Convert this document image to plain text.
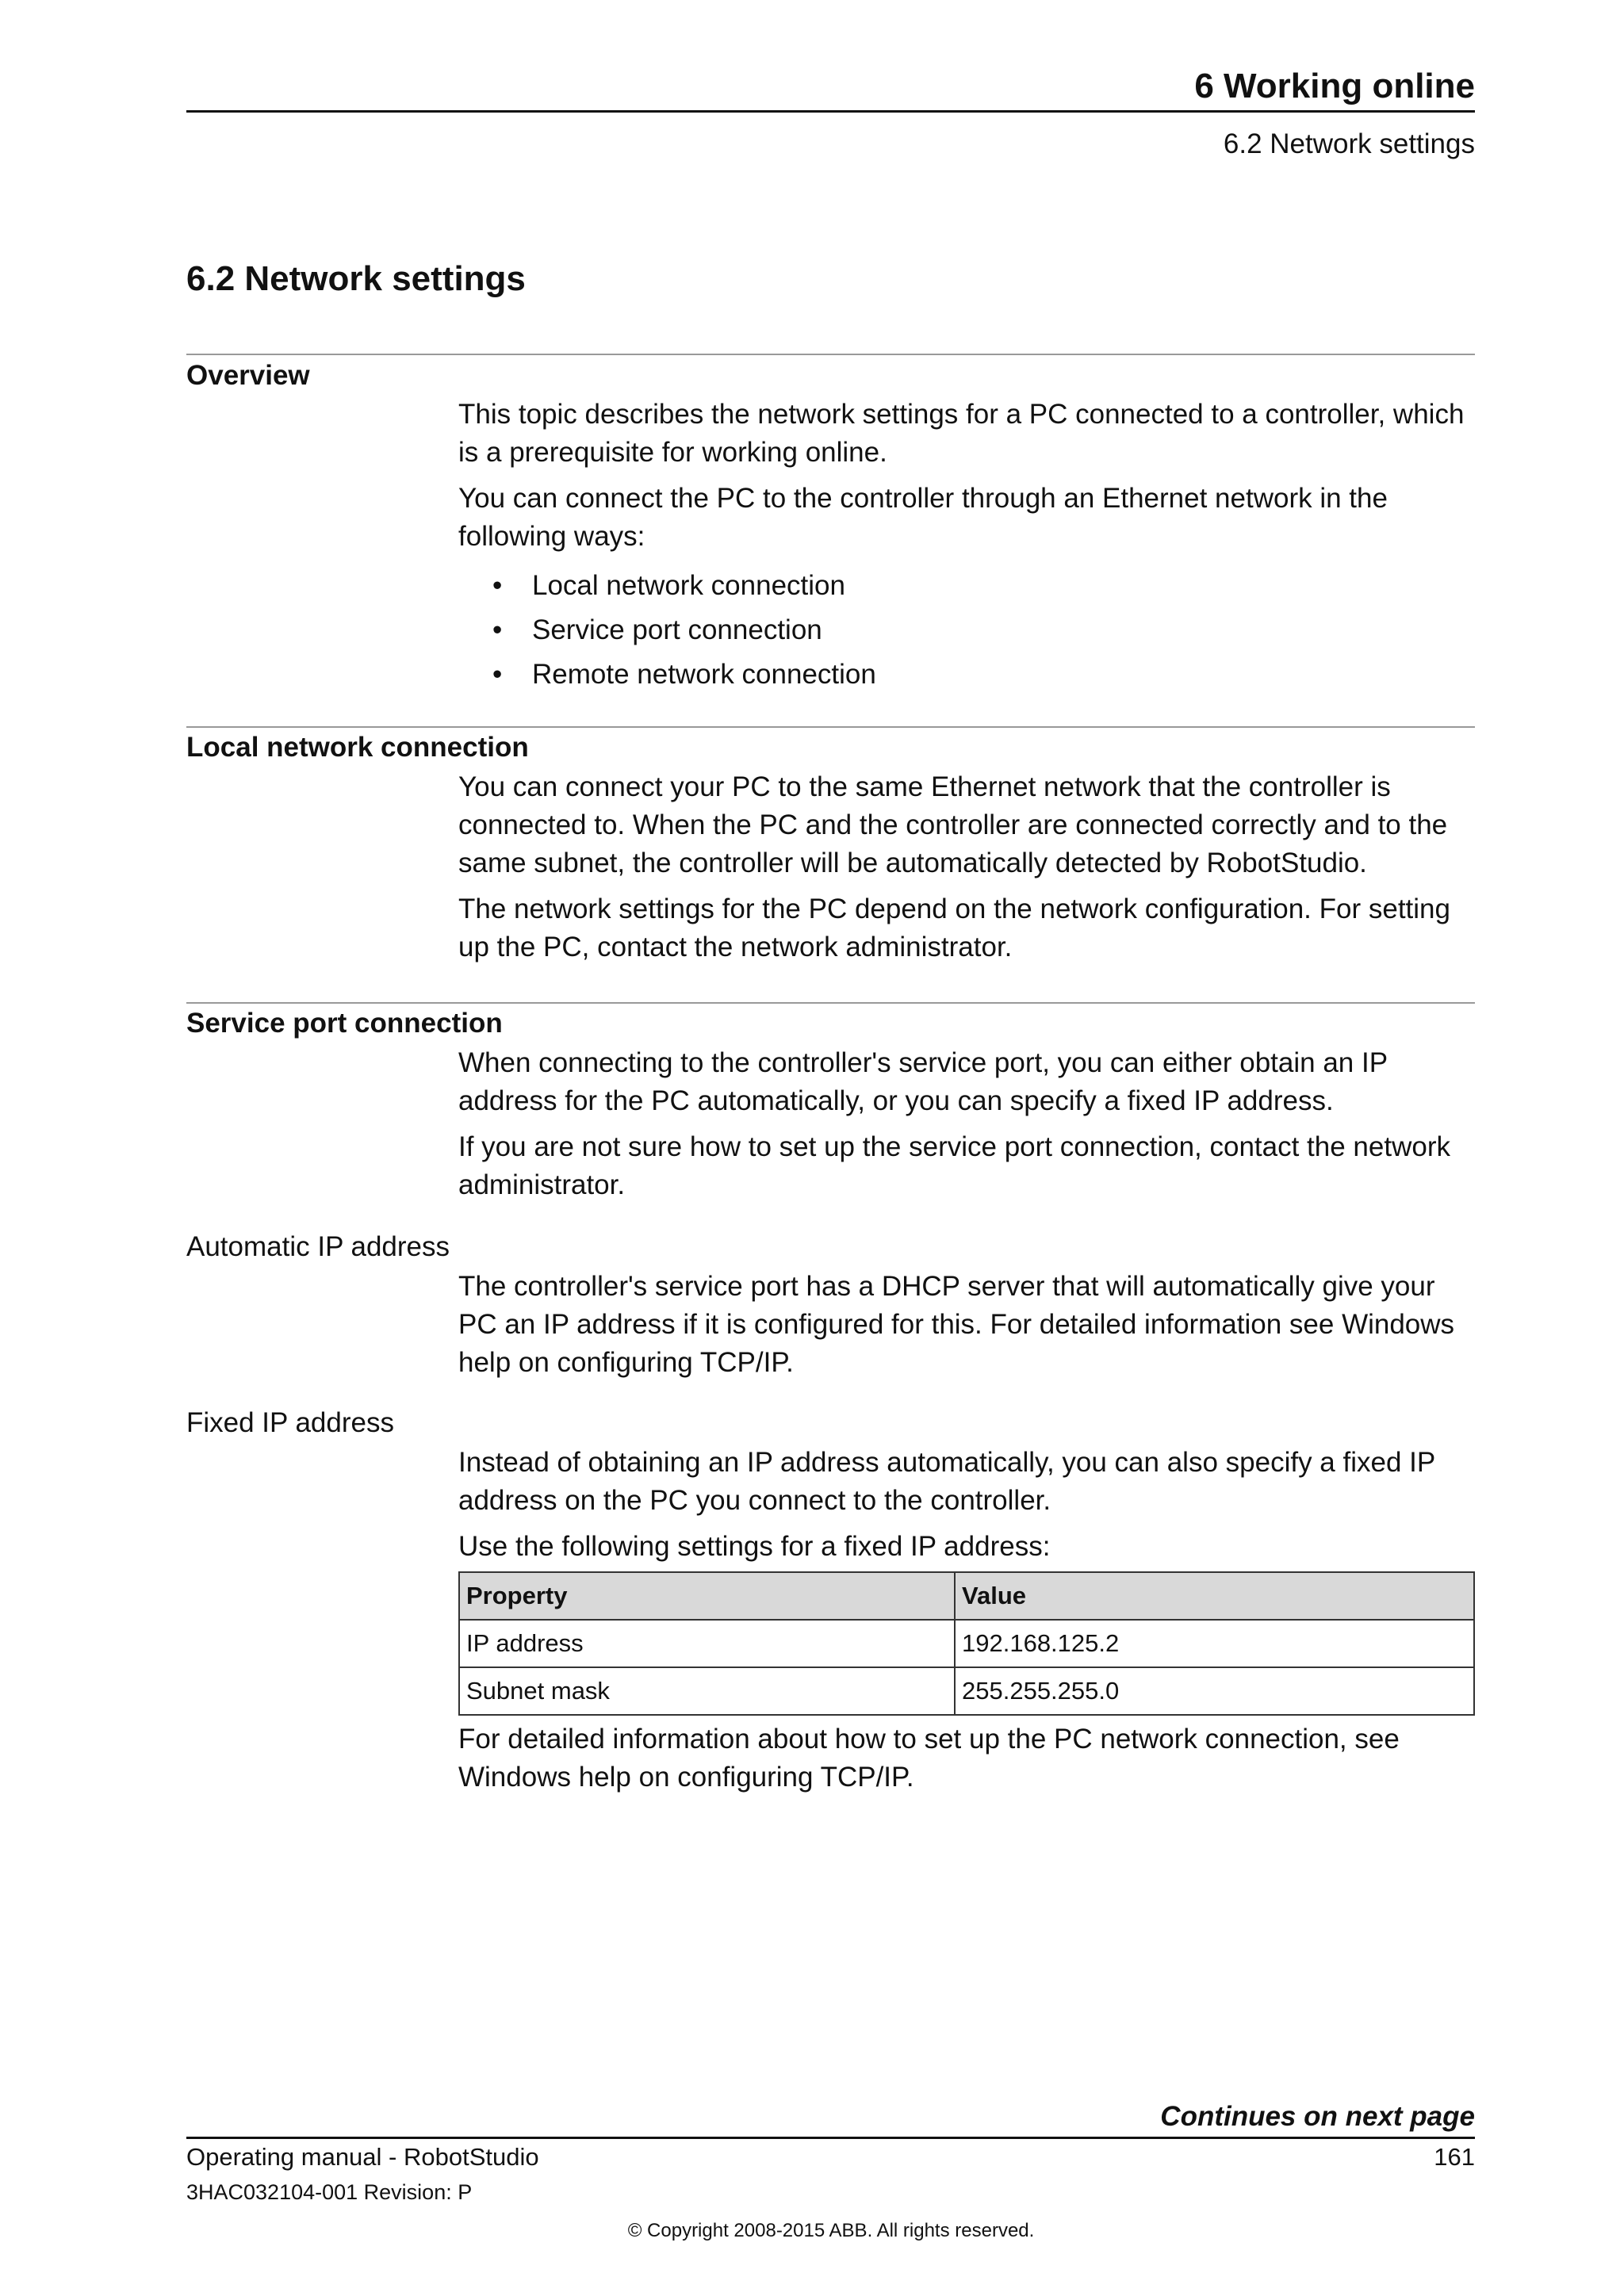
6 Working online
6.2 Network settings
6.2 Network settings
Overview

This topic describes the network settings for a PC connected to a controller, which is a prerequisite for working online.

You can connect the PC to the controller through an Ethernet network in the following ways:

• Local network connection
• Service port connection
• Remote network connection
Local network connection

You can connect your PC to the same Ethernet network that the controller is connected to. When the PC and the controller are connected correctly and to the same subnet, the controller will be automatically detected by RobotStudio.

The network settings for the PC depend on the network configuration. For setting up the PC, contact the network administrator.

Service port connection

When connecting to the controller's service port, you can either obtain an IP address for the PC automatically, or you can specify a fixed IP address.

If you are not sure how to set up the service port connection, contact the network administrator.

Automatic IP address

The controller's service port has a DHCP server that will automatically give your PC an IP address if it is configured for this. For detailed information see Windows help on configuring TCP/IP.

Fixed IP address

Instead of obtaining an IP address automatically, you can also specify a fixed IP address on the PC you connect to the controller.

Use the following settings for a fixed IP address:

Property	Value
IP address	192.168.125.2
Subnet mask	255.255.255.0

For detailed information about how to set up the PC network connection, see Windows help on configuring TCP/IP.

Continues on next page
Operating manual - RobotStudio	161
3HAC032104-001 Revision: P
© Copyright 2008-2015 ABB. All rights reserved.
